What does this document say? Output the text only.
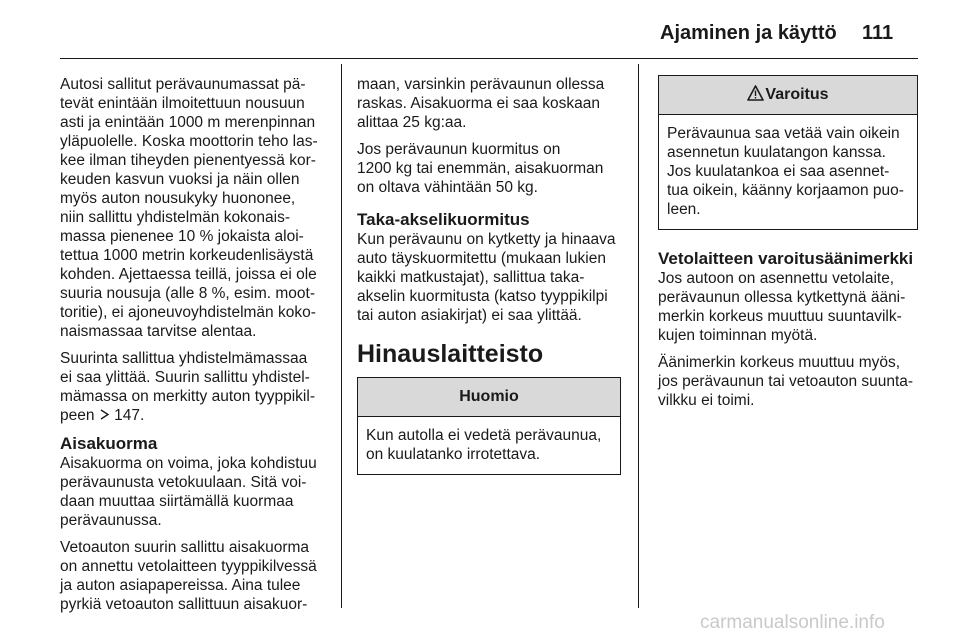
Ajaminen ja käyttö 111

Autosi sallitut perävaunumassat pä-
tevät enintään ilmoitettuun nousuun
asti ja enintään 1000 m merenpinnan
yläpuolelle. Koska moottorin teho las-
kee ilman tiheyden pienentyessä kor-
keuden kasvun vuoksi ja näin ollen
myös auton nousukyky huononee,
niin sallittu yhdistelmän kokonais-
massa pienenee 10 % jokaista aloi-
tettua 1000 metrin korkeudenlisäystä
kohden. Ajettaessa teillä, joissa ei ole
suuria nousuja (alle 8 %, esim. moot-
toritie), ei ajoneuvoyhdistelmän koko-
naismassaa tarvitse alentaa.

Suurinta sallittua yhdistelmämassaa
ei saa ylittää. Suurin sallittu yhdistel-
mämassa on merkitty auton tyyppikil-
peen 147.

Aisakuorma

Aisakuorma on voima, joka kohdistuu
perävaunusta vetokuulaan. Sitä voi-
daan muuttaa siirtämällä kuormaa
perävaunussa.

Vetoauton suurin sallittu aisakuorma
on annettu vetolaitteen tyyppikilvessä
ja auton asiapapereissa. Aina tulee
pyrkiä vetoauton sallittuun aisakuor-

maan, varsinkin perävaunun ollessa
raskas. Aisakuorma ei saa koskaan
alittaa 25 kg:aa.

Jos perävaunun kuormitus on
1200 kg tai enemmän, aisakuorman
on oltava vähintään 50 kg.

Taka-akselikuormitus

Kun perävaunu on kytketty ja hinaava
auto täyskuormitettu (mukaan lukien
kaikki matkustajat), sallittua taka-
akselin kuormitusta (katso tyyppikilpi
tai auton asiakirjat) ei saa ylittää.

Hinauslaitteisto
Huomio
Kun autolla ei vedetä perävaunua,
on kuulatanko irrotettava.
Varoitus
Perävaunua saa vetää vain oikein
asennetun kuulatangon kanssa.
Jos kuulatankoa ei saa asennet-
tua oikein, käänny korjaamon puo-
leen.
Vetolaitteen varoitusäänimerkki

Jos autoon on asennettu vetolaite,
perävaunun ollessa kytkettynä ääni-
merkin korkeus muuttuu suuntavilk-
kujen toiminnan myötä.

Äänimerkin korkeus muuttuu myös,
jos perävaunun tai vetoauton suunta-
vilkku ei toimi.

carmanualsonline.info
